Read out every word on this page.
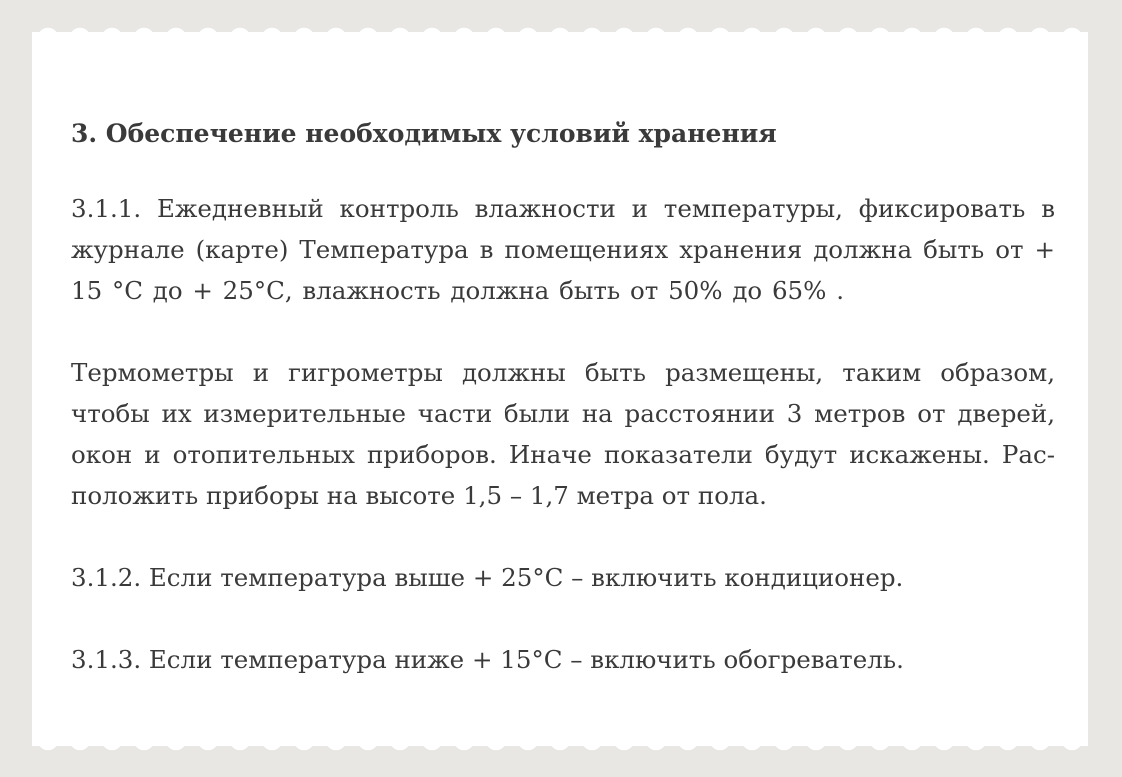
3. Обеспечение необходимых условий хранения
3.1.1. Ежедневный контроль влажности и температуры, фиксировать в журнале (карте) Температура в помещениях хранения должна быть от + 15 °С до + 25°С, влажность должна быть от 50% до 65% .
Термометры и гигрометры должны быть размещены, таким образом, чтобы их измерительные части были на расстоянии 3 метров от дверей, окон и отопительных приборов. Иначе показатели будут искажены. Рас- положить приборы на высоте 1,5 – 1,7 метра от пола.
3.1.2. Если температура выше + 25°С – включить кондиционер.
3.1.3. Если температура ниже + 15°С – включить обогреватель.
